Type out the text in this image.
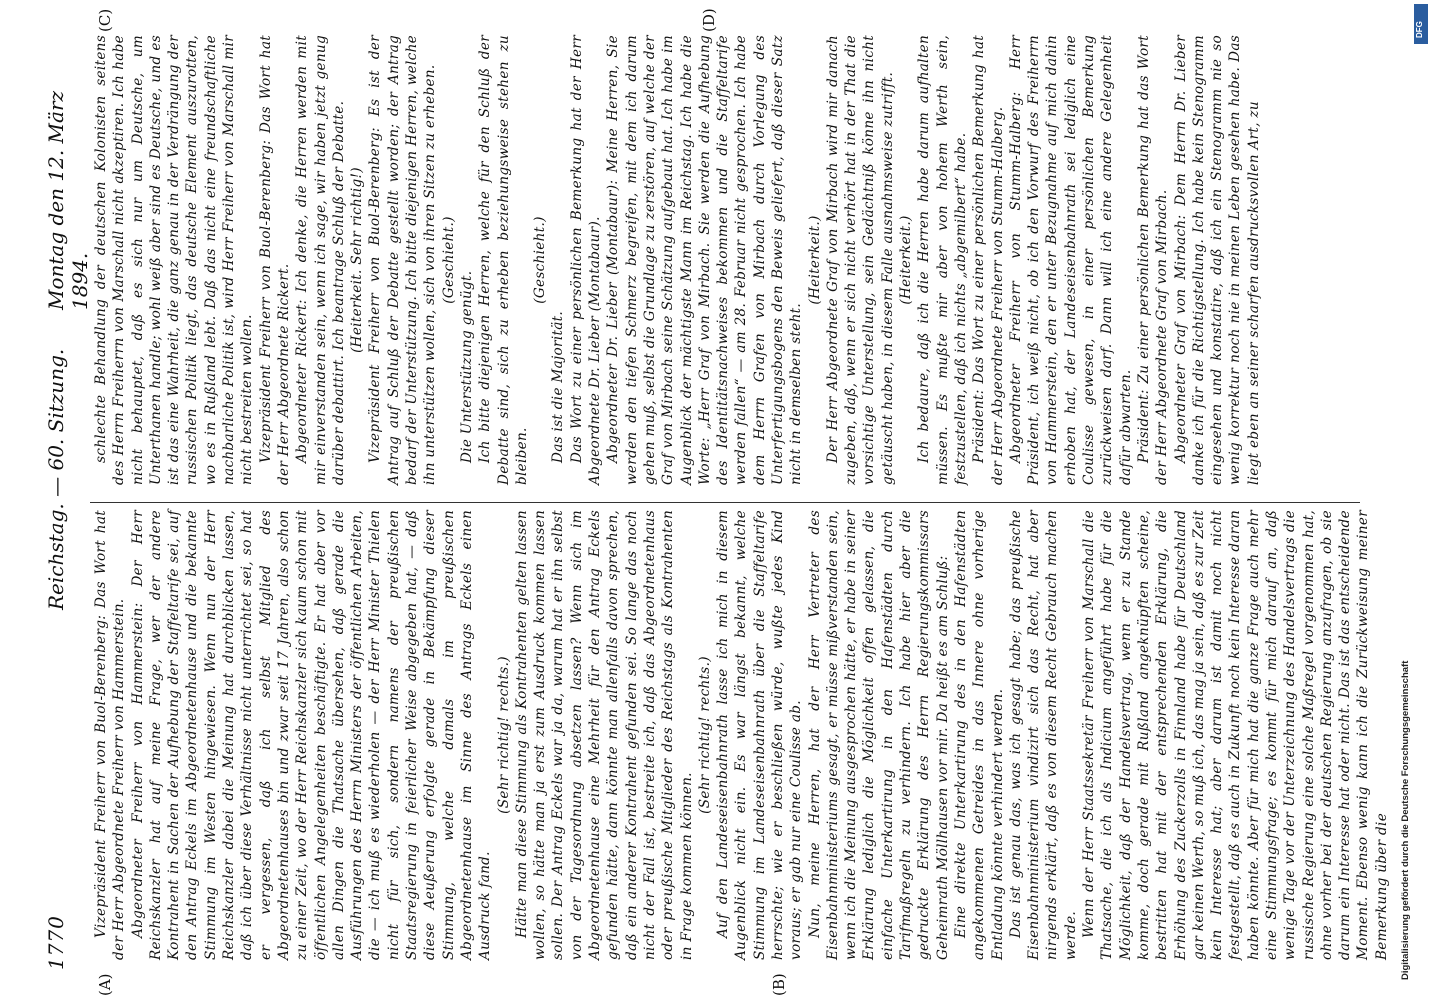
1770
Reichstag. — 60. Sitzung.
Montag den 12. März 1894.
(A)	(B)
(C)	(D)

Vizepräsident Freiherr von Buol-Berenberg: Das Wort hat der Herr Abgeordnete Freiherr von Hammerstein. Abgeordneter Freiherr von Hammerstein: Der Herr Reichskanzler hat auf meine Frage, wer der andere Kontrahent in Sachen der Aufhebung der Staffeltarife sei, auf den Antrag Eckels im Abgeordnetenhause und die bekannte Stimmung im Westen hingewiesen. Wenn nun der Herr Reichskanzler dabei die Meinung hat durchblicken lassen, daß ich über diese Verhältnisse nicht unterrichtet sei, so hat er vergessen, daß ich selbst Mitglied des Abgeordnetenhauses bin und zwar seit 17 Jahren, also schon zu einer Zeit, wo der Herr Reichskanzler sich kaum schon mit öffentlichen Angelegenheiten beschäftigte. Er hat aber vor allen Dingen die Thatsache übersehen, daß gerade die Ausführungen des Herrn Ministers der öffentlichen Arbeiten, die — ich muß es wiederholen — der Herr Minister Thielen nicht für sich, sondern namens der preußischen Staatsregierung in feierlicher Weise abgegeben hat, — daß diese Aeußerung erfolgte gerade in Bekämpfung dieser Stimmung, welche damals im preußischen Abgeordnetenhause im Sinne des Antrags Eckels einen Ausdruck fand.

(Sehr richtig! rechts.) Hätte man diese Stimmung als Kontrahenten gelten lassen wollen, so hätte man ja erst zum Ausdruck kommen lassen sollen. Der Antrag Eckels war ja da, warum hat er ihn selbst von der Tagesordnung absetzen lassen? Wenn sich im Abgeordnetenhause eine Mehrheit für den Antrag Eckels gefunden hätte, dann könnte man allenfalls davon sprechen, daß ein anderer Kontrahent gefunden sei. So lange das noch nicht der Fall ist, bestreite ich, daß das Abgeordnetenhaus oder preußische Mitglieder des Reichstags als Kontrahenten in Frage kommen können.

(Sehr richtig! rechts.) Auf den Landeseisenbahnrath lasse ich mich in diesem Augenblick nicht ein. Es war längst bekannt, welche Stimmung im Landeseisenbahnrath über die Staffeltarife herrschte; wie er beschließen würde, wußte jedes Kind voraus; er gab nur eine Coulisse ab. Nun, meine Herren, hat der Herr Vertreter des Eisenbahnministeriums gesagt, er müsse mißverstanden sein, wenn ich die Meinung ausgesprochen hätte, er habe in seiner Erklärung lediglich die Möglichkeit offen gelassen, die einfache Unterkartirung in den Hafenstädten durch Tarifmaßregeln zu verhindern. Ich habe hier aber die gedruckte Erklärung des Herrn Regierungskommissars Geheimrath Möllhausen vor mir. Da heißt es am Schluß: Eine direkte Unterkartirung des in den Hafenstädten angekommenen Getreides in das Innere ohne vorherige Entladung könnte verhindert werden. Das ist genau das, was ich gesagt habe; das preußische Eisenbahnministerium vindizirt sich das Recht, hat aber nirgends erklärt, daß es von diesem Recht Gebrauch machen werde. Wenn der Herr Staatssekretär Freiherr von Marschall die Thatsache, die ich als Indicium angeführt habe für die Möglichkeit, daß der Handelsvertrag, wenn er zu Stande komme, doch gerade mit Rußland angeknüpften scheine, bestritten hat mit der entsprechenden Erklärung, die Erhöhung des Zuckerzolls in Finnland habe für Deutschland gar keinen Werth, so muß ich, das mag ja sein, daß es zur Zeit kein Interesse hat; aber darum ist damit noch nicht festgestellt, daß es auch in Zukunft noch kein Interesse daran haben könnte. Aber für mich hat die ganze Frage auch mehr eine Stimmungsfrage; es kommt für mich darauf an, daß wenige Tage vor der Unterzeichnung des Handelsvertrags die russische Regierung eine solche Maßregel vorgenommen hat, ohne vorher bei der deutschen Regierung anzufragen, ob sie darum ein Interesse hat oder nicht. Das ist das entscheidende Moment. Ebenso wenig kann ich die Zurückweisung meiner Bemerkung über die

schlechte Behandlung der deutschen Kolonisten seitens des Herrn Freiherrn von Marschall nicht akzeptiren. Ich habe nicht behauptet, daß es sich nur um Deutsche, um Unterthanen handle; wohl weiß aber sind es Deutsche, und es ist das eine Wahrheit, die ganz genau in der Verdrängung der russischen Politik liegt, das deutsche Element auszurotten, wo es in Rußland lebt. Daß das nicht eine freundschaftliche nachbarliche Politik ist, wird Herr Freiherr von Marschall mir nicht bestreiten wollen. Vizepräsident Freiherr von Buol-Berenberg: Das Wort hat der Herr Abgeordnete Rickert. Abgeordneter Rickert: Ich denke, die Herren werden mit mir einverstanden sein, wenn ich sage, wir haben jetzt genug darüber debattirt. Ich beantrage Schluß der Debatte. (Heiterkeit. Sehr richtig!) Vizepräsident Freiherr von Buol-Berenberg: Es ist der Antrag auf Schluß der Debatte gestellt worden; der Antrag bedarf der Unterstützung. Ich bitte diejenigen Herren, welche ihn unterstützen wollen, sich von ihren Sitzen zu erheben. (Geschieht.)

Die Unterstützung genügt. Ich bitte diejenigen Herren, welche für den Schluß der Debatte sind, sich zu erheben beziehungsweise stehen zu bleiben.

(Geschieht.)

Das ist die Majorität. Das Wort zu einer persönlichen Bemerkung hat der Herr Abgeordnete Dr. Lieber (Montabaur). Abgeordneter Dr. Lieber (Montabaur): Meine Herren, Sie werden den tiefen Schmerz begreifen, mit dem ich darum gehen muß, selbst die Grundlage zu zerstören, auf welche der Graf von Mirbach seine Schätzung aufgebaut hat. Ich habe im Augenblick der mächtigste Mann im Reichstag. Ich habe die Worte: „Herr Graf von Mirbach. Sie werden die Aufhebung des Identitätsnachweises bekommen und die Staffeltarife werden fallen“ — am 28. Februar nicht gesprochen. Ich habe dem Herrn Grafen von Mirbach durch Vorlegung des Unterfertigungsbogens den Beweis geliefert, daß dieser Satz nicht in demselben steht.

(Heiterkeit.) Der Herr Abgeordnete Graf von Mirbach wird mir danach zugeben, daß, wenn er sich nicht verhört hat in der That die vorsichtige Unterstellung, sein Gedächtniß könne ihn nicht getäuscht haben, in diesem Falle ausnahmsweise zutrifft. (Heiterkeit.) Ich bedaure, daß ich die Herren habe darum aufhalten müssen. Es mußte mir aber von hohem Werth sein, festzustellen, daß ich nichts „abgemilbert“ habe. Präsident: Das Wort zu einer persönlichen Bemerkung hat der Herr Abgeordnete Freiherr von Stumm-Halberg. Abgeordneter Freiherr von Stumm-Halberg: Herr Präsident, ich weiß nicht, ob ich den Vorwurf des Freiherrn von Hammerstein, den er unter Bezugnahme auf mich dahin erhoben hat, der Landeseisenbahnrath sei lediglich eine Coulisse gewesen, in einer persönlichen Bemerkung zurückweisen darf. Dann will ich eine andere Gelegenheit dafür abwarten. Präsident: Zu einer persönlichen Bemerkung hat das Wort der Herr Abgeordnete Graf von Mirbach. Abgeordneter Graf von Mirbach: Dem Herrn Dr. Lieber danke ich für die Richtigstellung. Ich habe kein Stenogramm eingesehen und konstatire, daß ich ein Stenogramm nie so wenig korrektur noch nie in meinen Leben gesehen habe. Das liegt eben an seiner scharfen ausdrucksvollen Art, zu

Digitalisierung gefördert durch die Deutsche Forschungsgemeinschaft
DFG
